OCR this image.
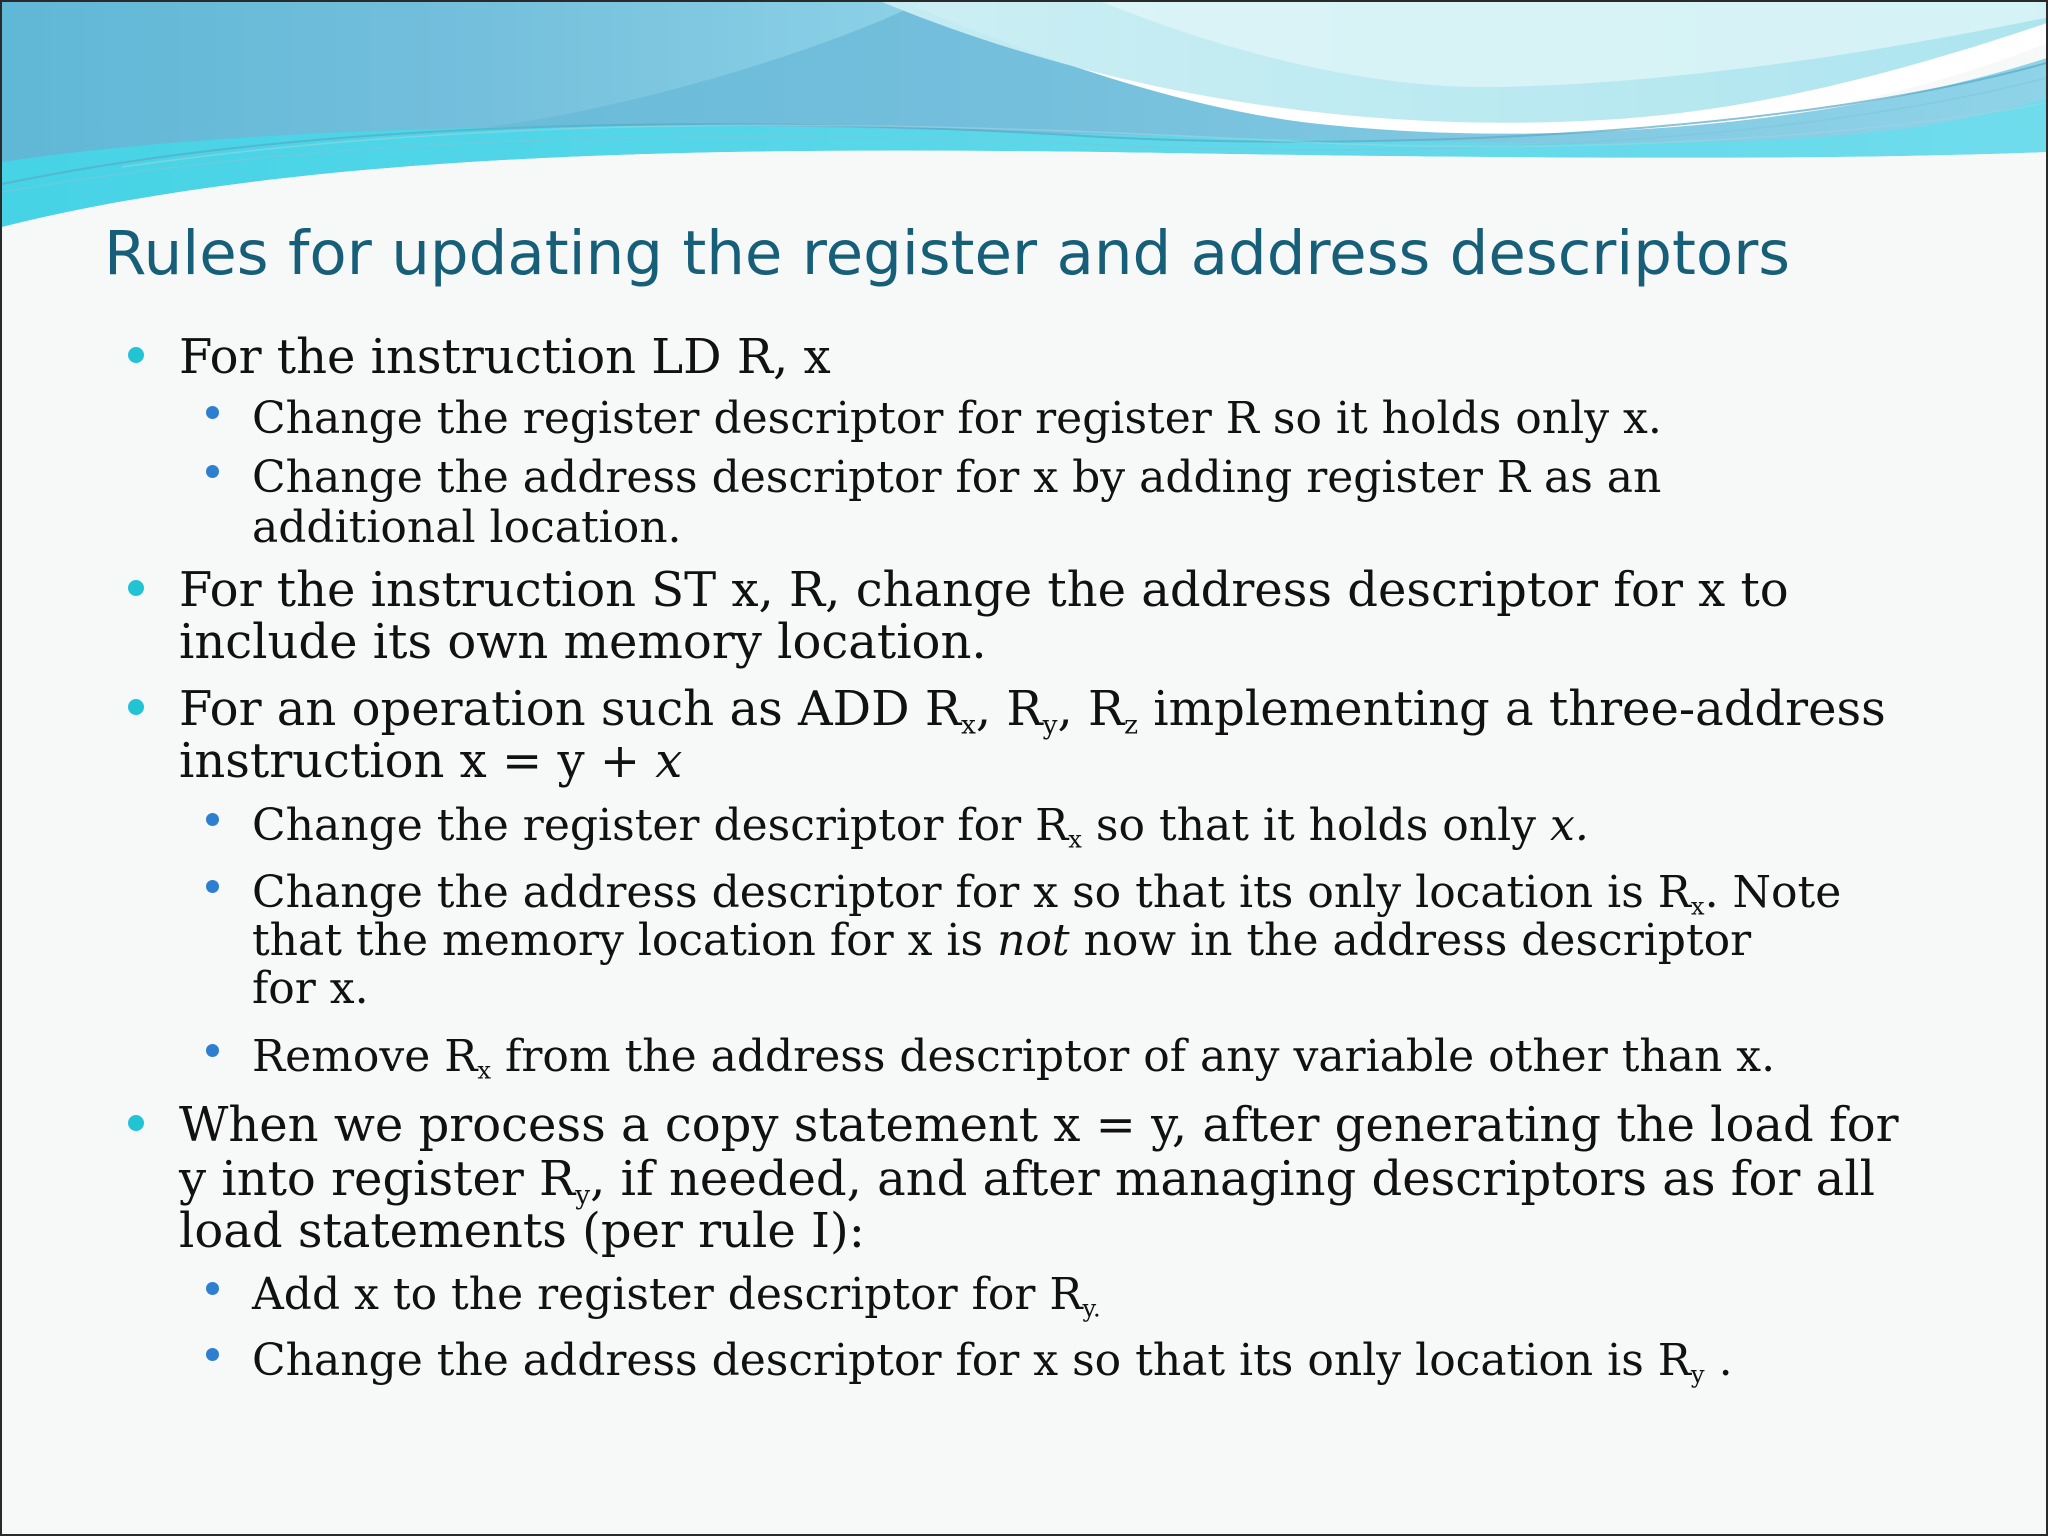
Rules for updating the register and address descriptors
For the instruction LD R, x
Change the register descriptor for register R so it holds only x.
Change the address descriptor for x by adding register R as an
additional location.
For the instruction ST x, R, change the address descriptor for x to
include its own memory location.
For an operation such as ADD $R_x$, $R_y$, $R_z$ implementing a three-address
instruction x = y + x
Change the register descriptor for $R_x$ so that it holds only x.
Change the address descriptor for x so that its only location is $R_x$. Note
that the memory location for x is not now in the address descriptor
for x.
Remove $R_x$ from the address descriptor of any variable other than x.
When we process a copy statement x = y, after generating the load for
y into register $R_y$, if needed, and after managing descriptors as for all
load statements (per rule I):
Add x to the register descriptor for $R_{y.}$
Change the address descriptor for x so that its only location is $R_y$ .
